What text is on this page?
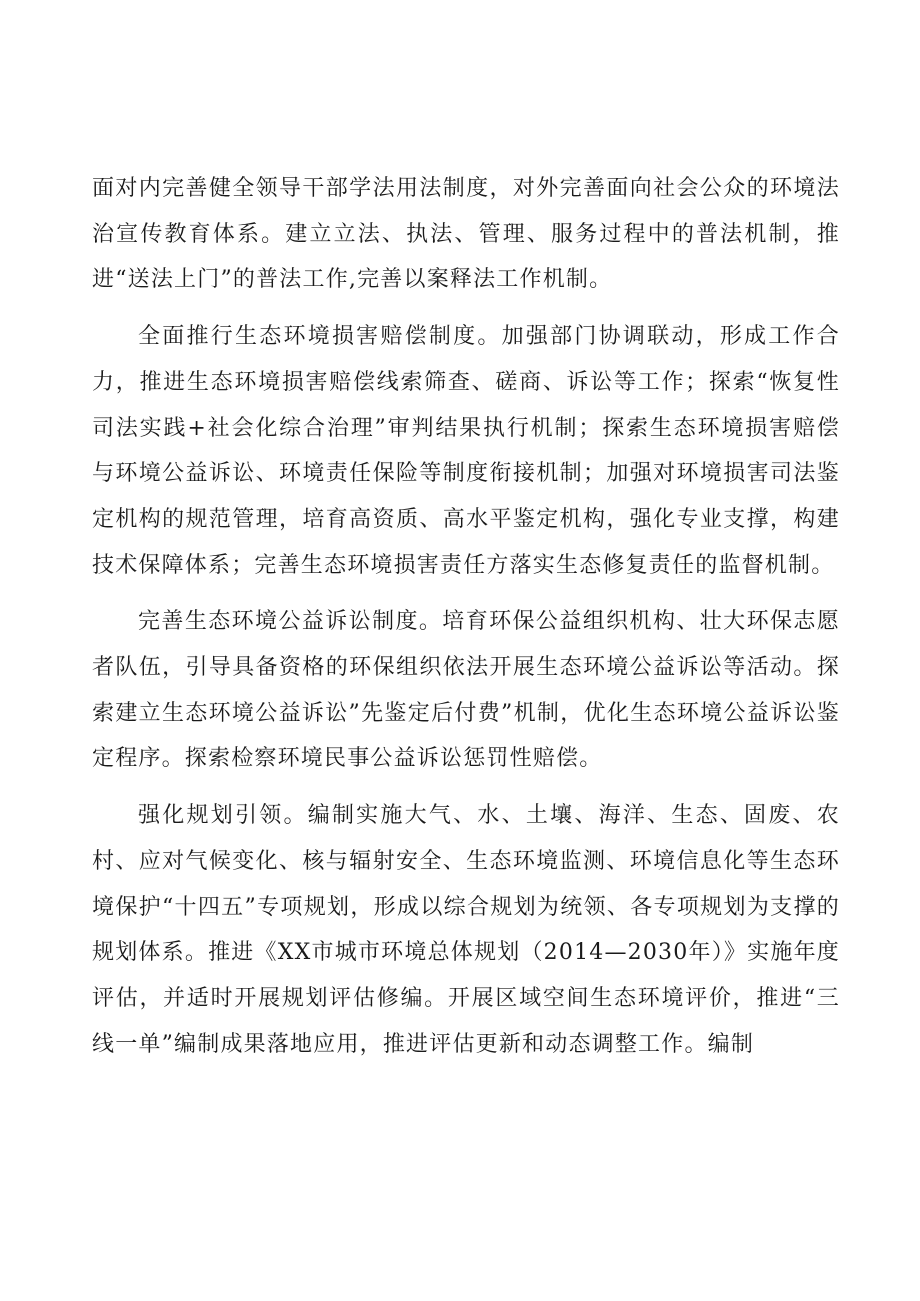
面对内完善健全领导干部学法用法制度，对外完善面向社会公众的环境法治宣传教育体系。建立立法、执法、管理、服务过程中的普法机制，推进“送法上门”的普法工作,完善以案释法工作机制。

全面推行生态环境损害赔偿制度。加强部门协调联动，形成工作合力，推进生态环境损害赔偿线索筛查、磋商、诉讼等工作；探索“恢复性司法实践+社会化综合治理”审判结果执行机制；探索生态环境损害赔偿与环境公益诉讼、环境责任保险等制度衔接机制；加强对环境损害司法鉴定机构的规范管理，培育高资质、高水平鉴定机构，强化专业支撑，构建技术保障体系；完善生态环境损害责任方落实生态修复责任的监督机制。

完善生态环境公益诉讼制度。培育环保公益组织机构、壮大环保志愿者队伍，引导具备资格的环保组织依法开展生态环境公益诉讼等活动。探索建立生态环境公益诉讼”先鉴定后付费”机制，优化生态环境公益诉讼鉴定程序。探索检察环境民事公益诉讼惩罚性赔偿。

强化规划引领。编制实施大气、水、土壤、海洋、生态、固废、农村、应对气候变化、核与辐射安全、生态环境监测、环境信息化等生态环境保护“十四五”专项规划，形成以综合规划为统领、各专项规划为支撑的规划体系。推进《XX市城市环境总体规划（2014—2030年）》实施年度评估，并适时开展规划评估修编。开展区域空间生态环境评价，推进“三线一单”编制成果落地应用，推进评估更新和动态调整工作。编制
